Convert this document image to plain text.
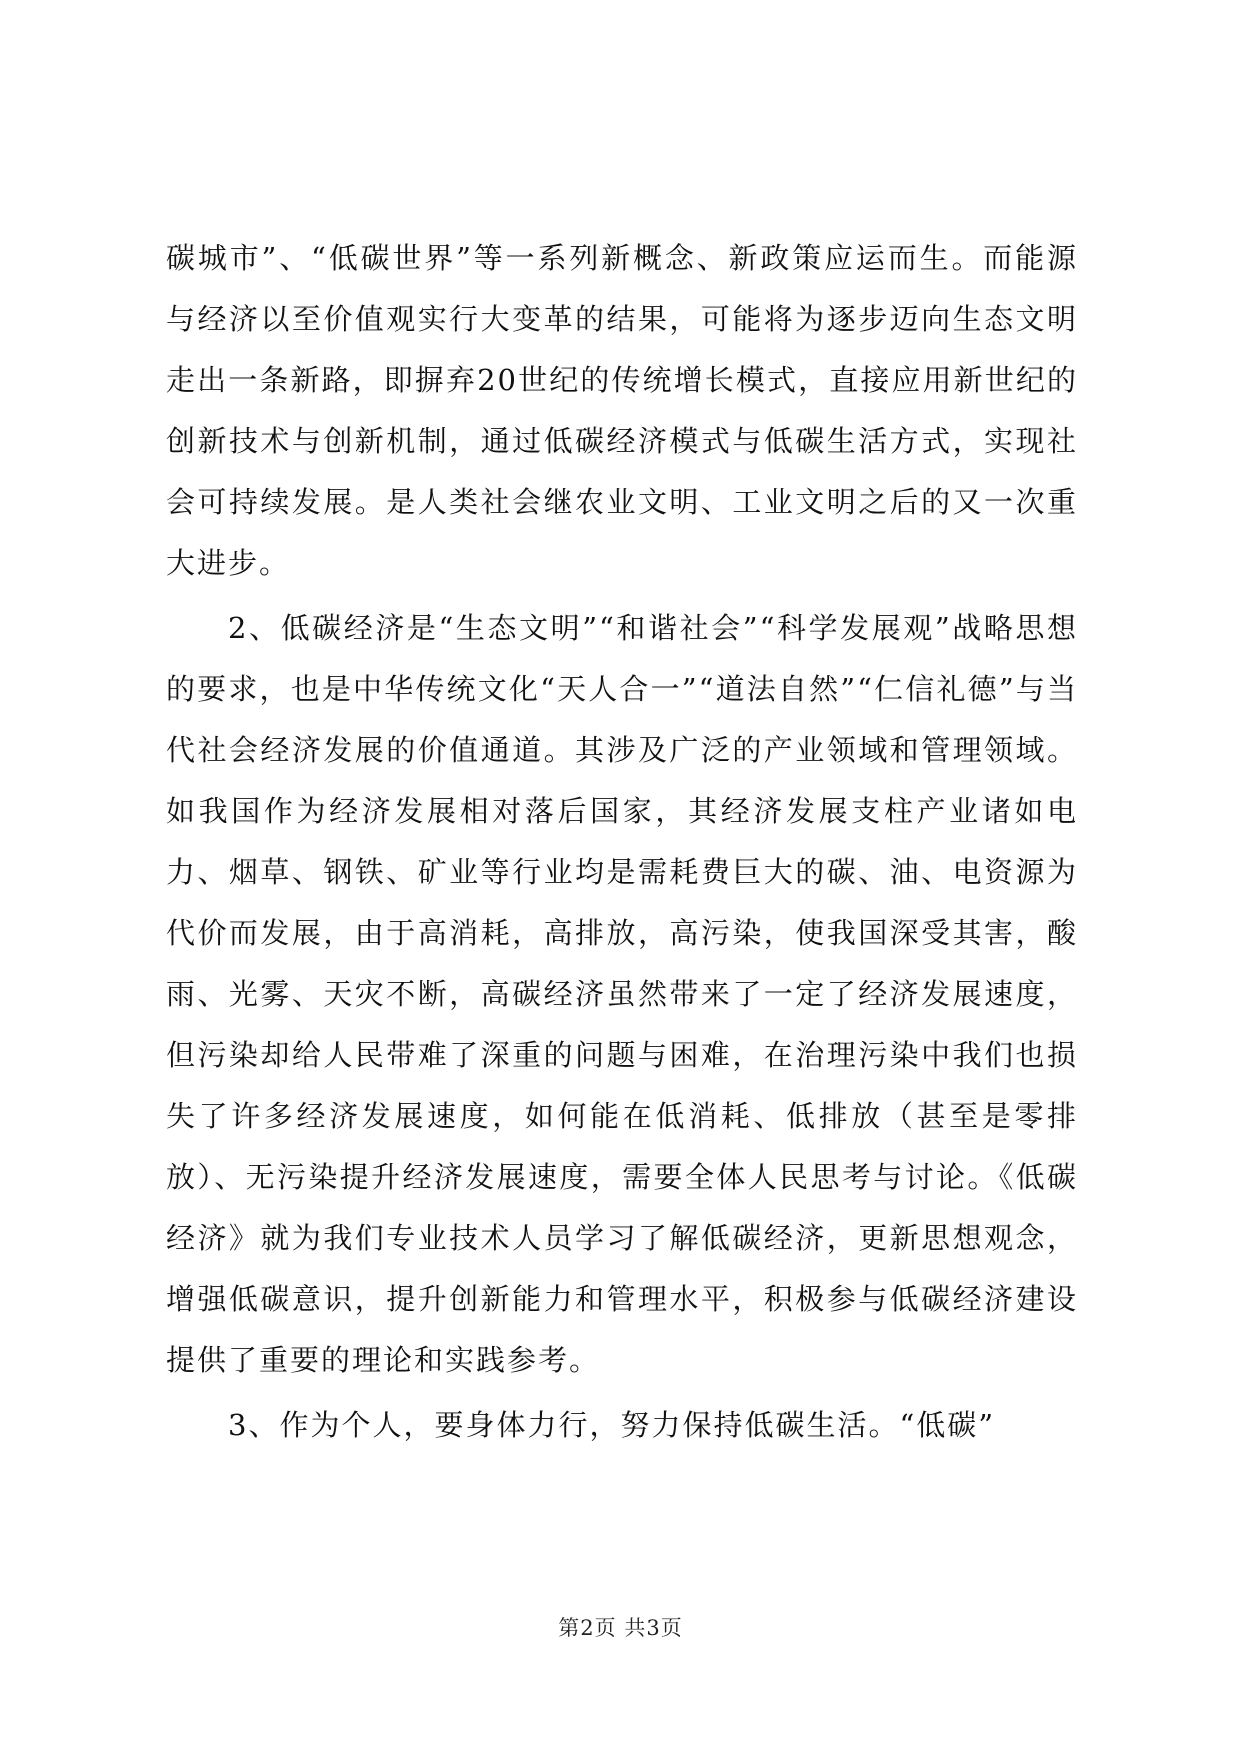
碳城市”、“低碳世界”等一系列新概念、新政策应运而生。而能源与经济以至价值观实行大变革的结果，可能将为逐步迈向生态文明走出一条新路，即摒弃20世纪的传统增长模式，直接应用新世纪的创新技术与创新机制，通过低碳经济模式与低碳生活方式，实现社会可持续发展。是人类社会继农业文明、工业文明之后的又一次重大进步。

2、低碳经济是“生态文明”“和谐社会”“科学发展观”战略思想的要求，也是中华传统文化“天人合一”“道法自然”“仁信礼德”与当代社会经济发展的价值通道。其涉及广泛的产业领域和管理领域。如我国作为经济发展相对落后国家，其经济发展支柱产业诸如电力、烟草、钢铁、矿业等行业均是需耗费巨大的碳、油、电资源为代价而发展，由于高消耗，高排放，高污染，使我国深受其害，酸雨、光雾、天灾不断，高碳经济虽然带来了一定了经济发展速度，但污染却给人民带难了深重的问题与困难，在治理污染中我们也损失了许多经济发展速度，如何能在低消耗、低排放（甚至是零排放）、无污染提升经济发展速度，需要全体人民思考与讨论。《低碳经济》就为我们专业技术人员学习了解低碳经济，更新思想观念，增强低碳意识，提升创新能力和管理水平，积极参与低碳经济建设提供了重要的理论和实践参考。

3、作为个人，要身体力行，努力保持低碳生活。“低碳”

第2页 共3页
